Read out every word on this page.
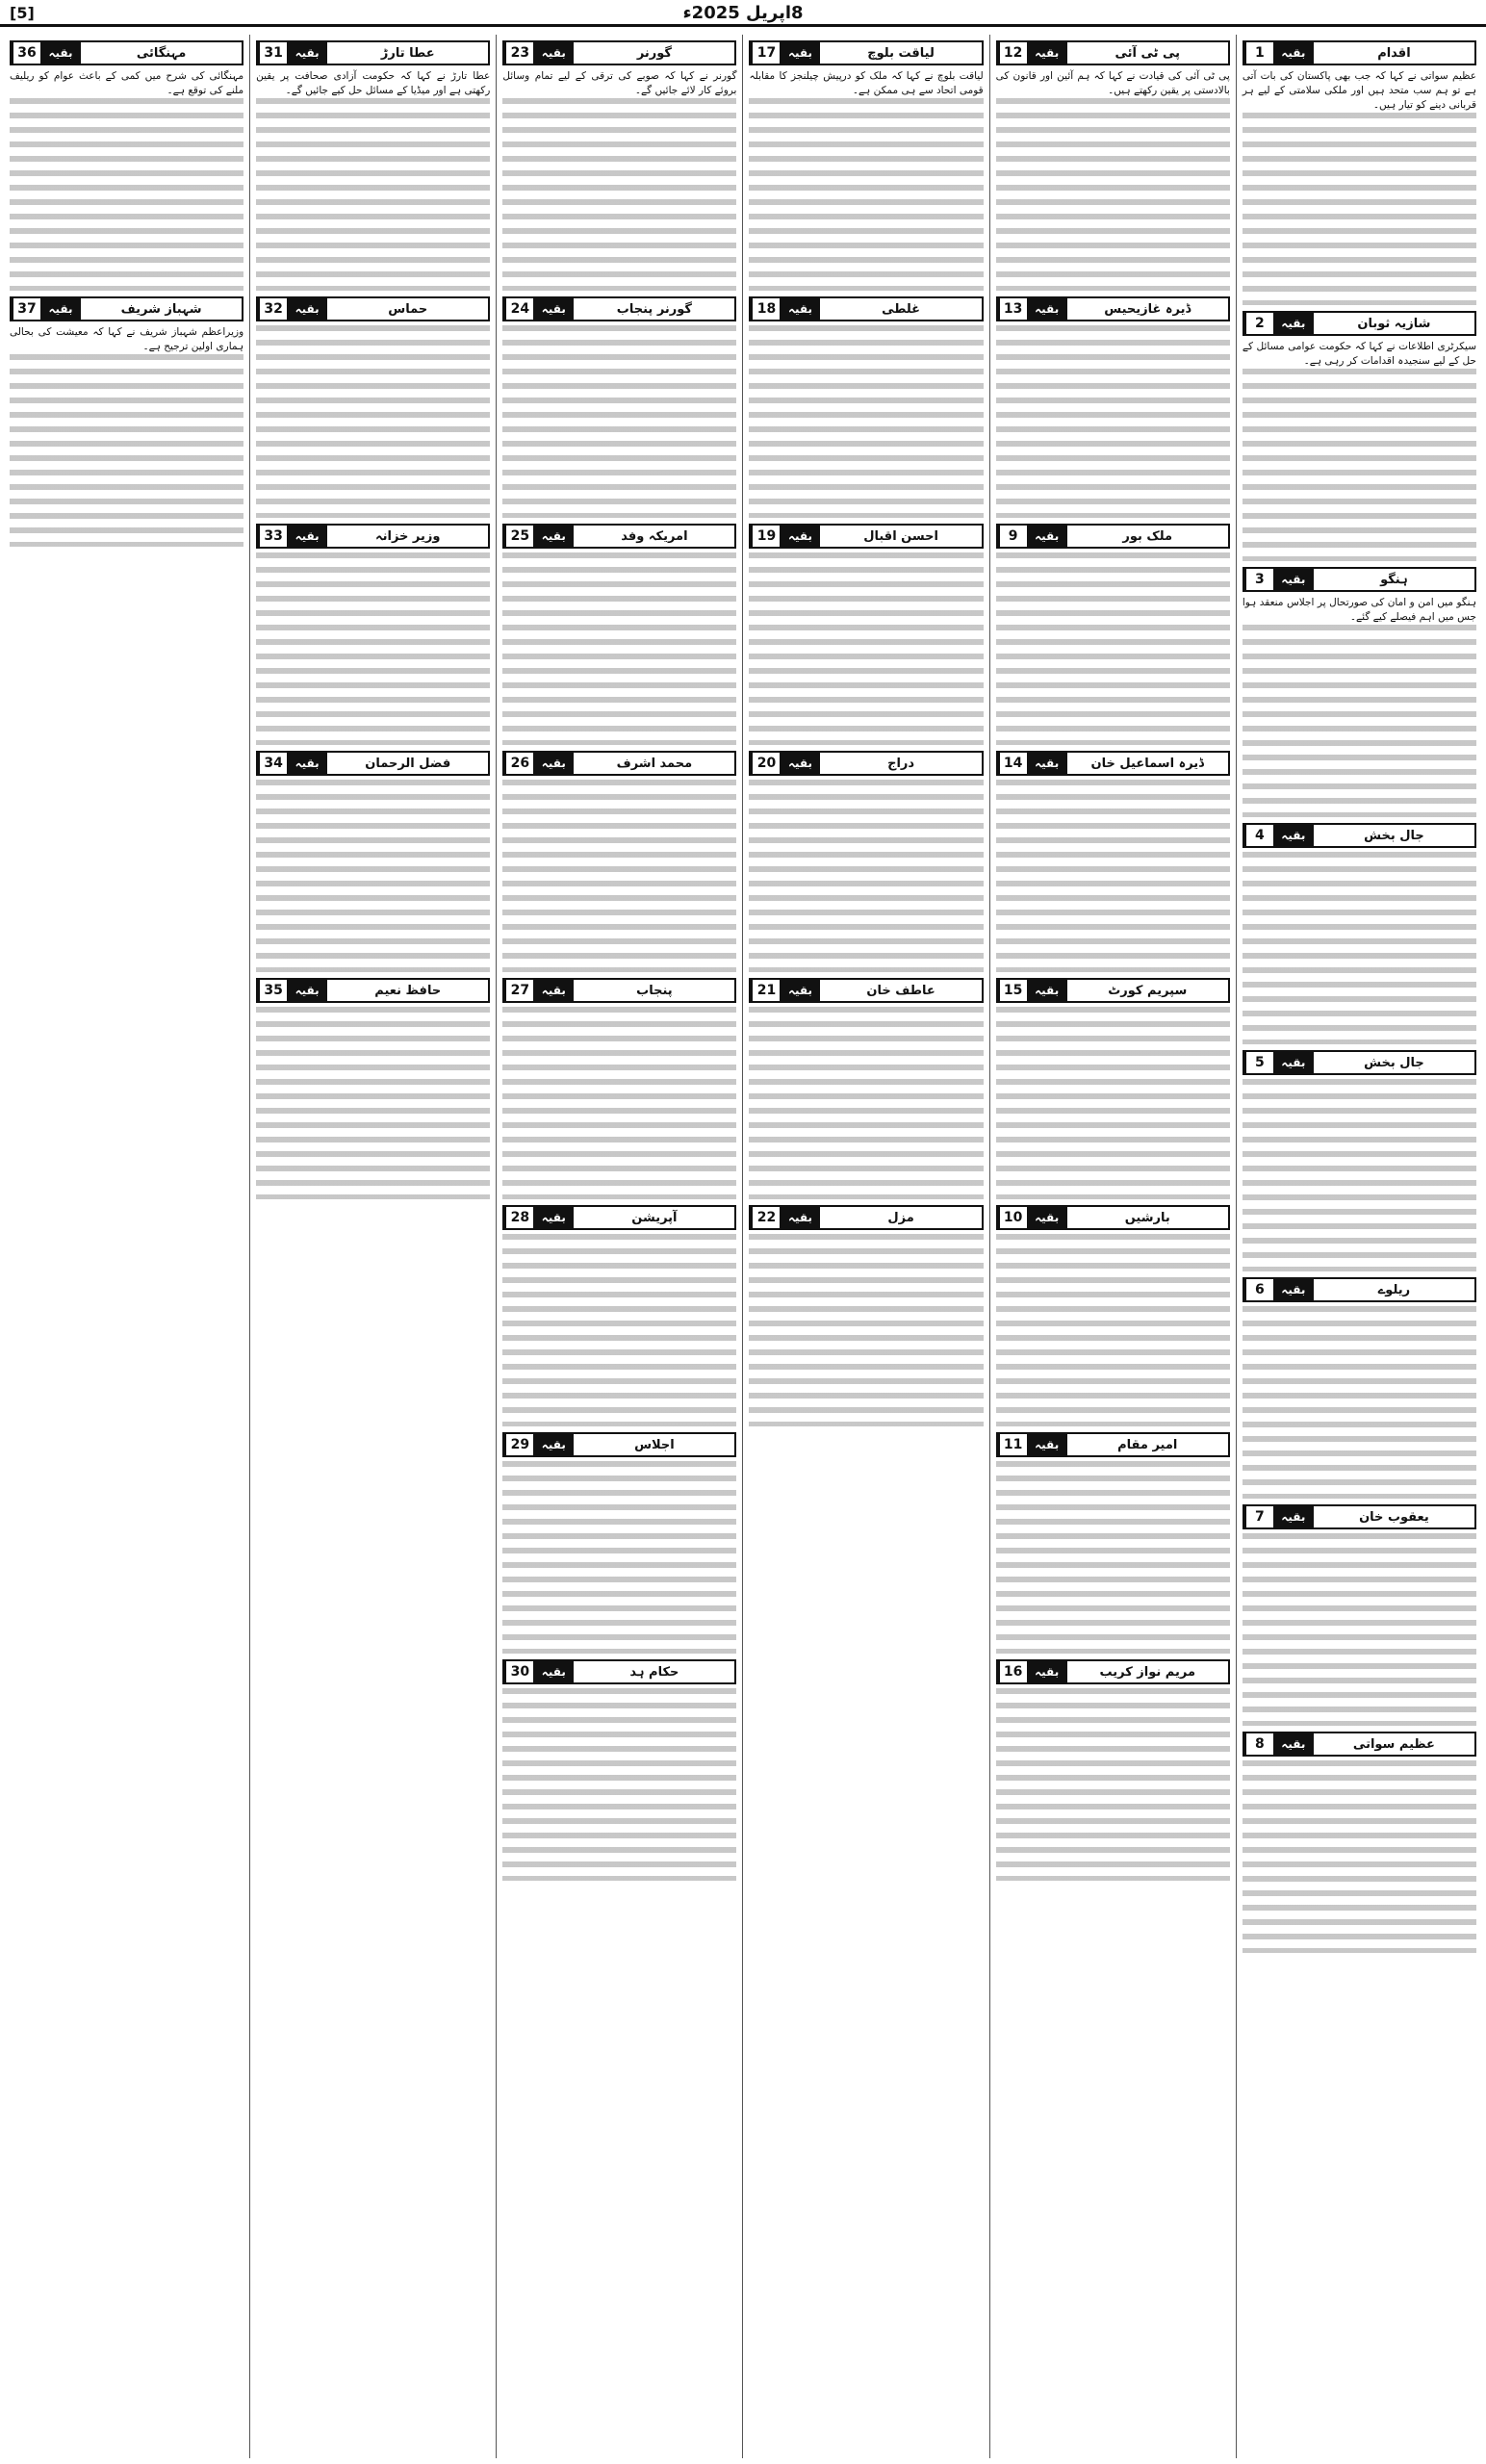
[5]	8اپریل 2025ء
1	بقیہ	اقدام

عظیم سواتی نے کہا کہ جب بھی پاکستان کی بات آتی ہے تو ہم سب متحد ہیں اور ملکی سلامتی کے لیے ہر قربانی دینے کو تیار ہیں۔

2	بقیہ	شازیہ ثوبان

سیکرٹری اطلاعات نے کہا کہ حکومت عوامی مسائل کے حل کے لیے سنجیدہ اقدامات کر رہی ہے۔

3	بقیہ	ہنگو

ہنگو میں امن و امان کی صورتحال پر اجلاس منعقد ہوا جس میں اہم فیصلے کیے گئے۔

4	بقیہ	جال بخش
5	بقیہ	جال بخش
6	بقیہ	ریلوے
7	بقیہ	یعقوب خان
8	بقیہ	عظیم سواتی
12	بقیہ	پی ٹی آئی

پی ٹی آئی کی قیادت نے کہا کہ ہم آئین اور قانون کی بالادستی پر یقین رکھتے ہیں۔

13	بقیہ	ڈیرہ غازیحیس
9	بقیہ	ملک بور
14	بقیہ	ڈیرہ اسماعیل خان
15	بقیہ	سپریم کورٹ
10	بقیہ	بارشیں
11	بقیہ	امیر مقام
16	بقیہ	مریم نواز کریب
17	بقیہ	لیاقت بلوچ

لیاقت بلوچ نے کہا کہ ملک کو درپیش چیلنجز کا مقابلہ قومی اتحاد سے ہی ممکن ہے۔

18	بقیہ	غلطی
19	بقیہ	احسن اقبال
20	بقیہ	دراج
21	بقیہ	عاطف خان
22	بقیہ	مزل
23	بقیہ	گورنر

گورنر نے کہا کہ صوبے کی ترقی کے لیے تمام وسائل بروئے کار لائے جائیں گے۔

24	بقیہ	گورنر پنجاب
25	بقیہ	امریکہ وفد
26	بقیہ	محمد اشرف
27	بقیہ	پنجاب
28	بقیہ	آپریشن
29	بقیہ	اجلاس
30	بقیہ	حکام ہد
31	بقیہ	عطا تارڑ

عطا تارڑ نے کہا کہ حکومت آزادی صحافت پر یقین رکھتی ہے اور میڈیا کے مسائل حل کیے جائیں گے۔

32	بقیہ	حماس
33	بقیہ	وزیر خزانہ
34	بقیہ	فضل الرحمان
35	بقیہ	حافظ نعیم
36	بقیہ	مہنگائی

مہنگائی کی شرح میں کمی کے باعث عوام کو ریلیف ملنے کی توقع ہے۔

37	بقیہ	شہباز شریف

وزیراعظم شہباز شریف نے کہا کہ معیشت کی بحالی ہماری اولین ترجیح ہے۔
